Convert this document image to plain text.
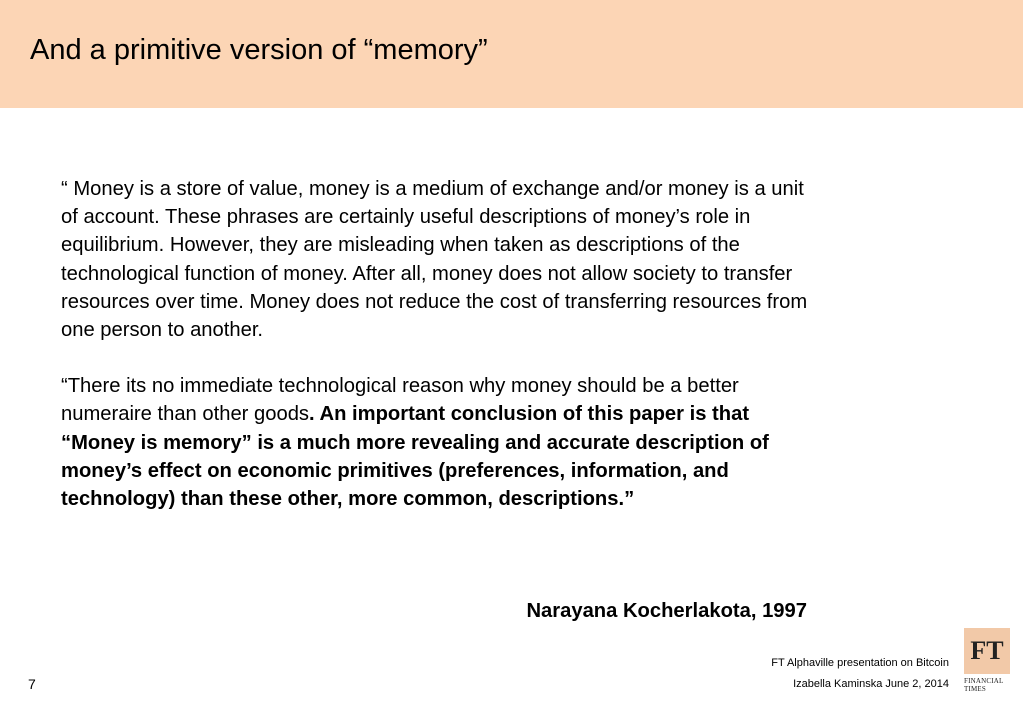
And a primitive version of “memory”

“ Money is a store of value, money is a medium of exchange and/or money is a unit of account. These phrases are certainly useful descriptions of money’s role in equilibrium. However, they are misleading when taken as descriptions of the technological function of money. After all, money does not allow society to transfer resources over time. Money does not reduce the cost of transferring resources from one person to another.

“There its no immediate technological reason why money should be a better numeraire than other goods. An important conclusion of this paper is that “Money is memory” is a much more revealing and accurate description of money’s effect on economic primitives (preferences, information, and technology) than these other, more common, descriptions.”

Narayana Kocherlakota, 1997
FT Alphaville presentation on Bitcoin
Izabella Kaminska June 2, 2014
7
FT
FINANCIAL
TIMES
